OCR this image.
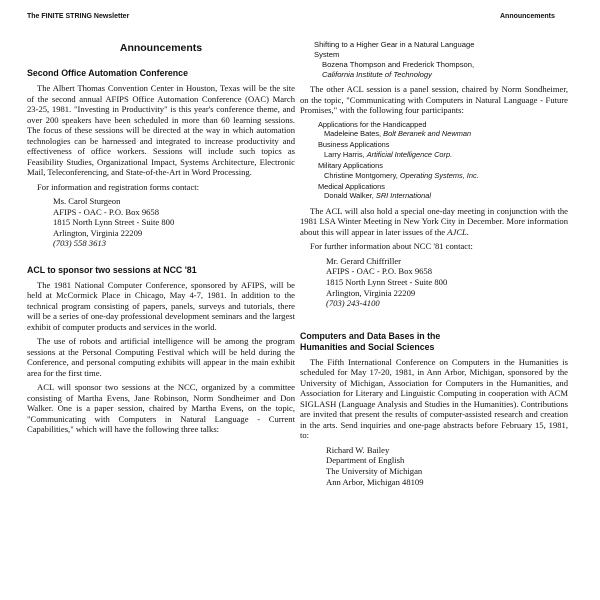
The FINITE STRING Newsletter	Announcements
Announcements
Second Office Automation Conference

The Albert Thomas Convention Center in Houston, Texas will be the site of the second annual AFIPS Office Automation Conference (OAC) March 23-25, 1981. "Investing in Productivity" is this year's conference theme, and over 200 speakers have been scheduled in more than 60 learning sessions. The focus of these sessions will be directed at the way in which automation technologies can be harnessed and integrated to increase productivity and effectiveness of office workers. Sessions will include such topics as Feasibility Studies, Organizational Impact, Systems Architecture, Electronic Mail, Teleconferencing, and State-of-the-Art in Word Processing.

For information and registration forms contact:

Ms. Carol Sturgeon
AFIPS - OAC - P.O. Box 9658
1815 North Lynn Street - Suite 800
Arlington, Virginia 22209
(703) 558 3613
ACL to sponsor two sessions at NCC '81

The 1981 National Computer Conference, sponsored by AFIPS, will be held at McCormick Place in Chicago, May 4-7, 1981. In addition to the technical program consisting of papers, panels, surveys and tutorials, there will be a series of one-day professional development seminars and the largest exhibit of computer products and services in the world.

The use of robots and artificial intelligence will be among the program sessions at the Personal Computing Festival which will be held during the Conference, and personal computing exhibits will appear in the main exhibit area for the first time.

ACL will sponsor two sessions at the NCC, organized by a committee consisting of Martha Evens, Jane Robinson, Norm Sondheimer and Don Walker. One is a paper session, chaired by Martha Evens, on the topic, "Communicating with Computers in Natural Language - Current Capabilities," which will have the following three talks:

Shifting to a Higher Gear in a Natural Language
System
Bozena Thompson and Frederick Thompson,
California Institute of Technology

The other ACL session is a panel session, chaired by Norm Sondheimer, on the topic, "Communicating with Computers in Natural Language - Future Promises," with the following four participants:

Applications for the Handicapped
Madeleine Bates, Bolt Beranek and Newman
Business Applications
Larry Harris, Artificial Intelligence Corp.
Military Applications
Christine Montgomery, Operating Systems, Inc.
Medical Applications
Donald Walker, SRI International

The ACL will also hold a special one-day meeting in conjunction with the 1981 LSA Winter Meeting in New York City in December. More information about this will appear in later issues of the AJCL.

For further information about NCC '81 contact:

Mr. Gerard Chiffriller
AFIPS - OAC - P.O. Box 9658
1815 North Lynn Street - Suite 800
Arlington, Virginia 22209
(703) 243-4100
Computers and Data Bases in the
Humanities and Social Sciences

The Fifth International Conference on Computers in the Humanities is scheduled for May 17-20, 1981, in Ann Arbor, Michigan, sponsored by the University of Michigan, Association for Computers in the Humanities, and Association for Literary and Linguistic Computing in cooperation with ACM SIGLASH (Language Analysis and Studies in the Humanities). Contributions are invited that present the results of computer-assisted research and creation in the arts. Send inquiries and one-page abstracts before February 15, 1981, to:

Richard W. Bailey
Department of English
The University of Michigan
Ann Arbor, Michigan 48109
